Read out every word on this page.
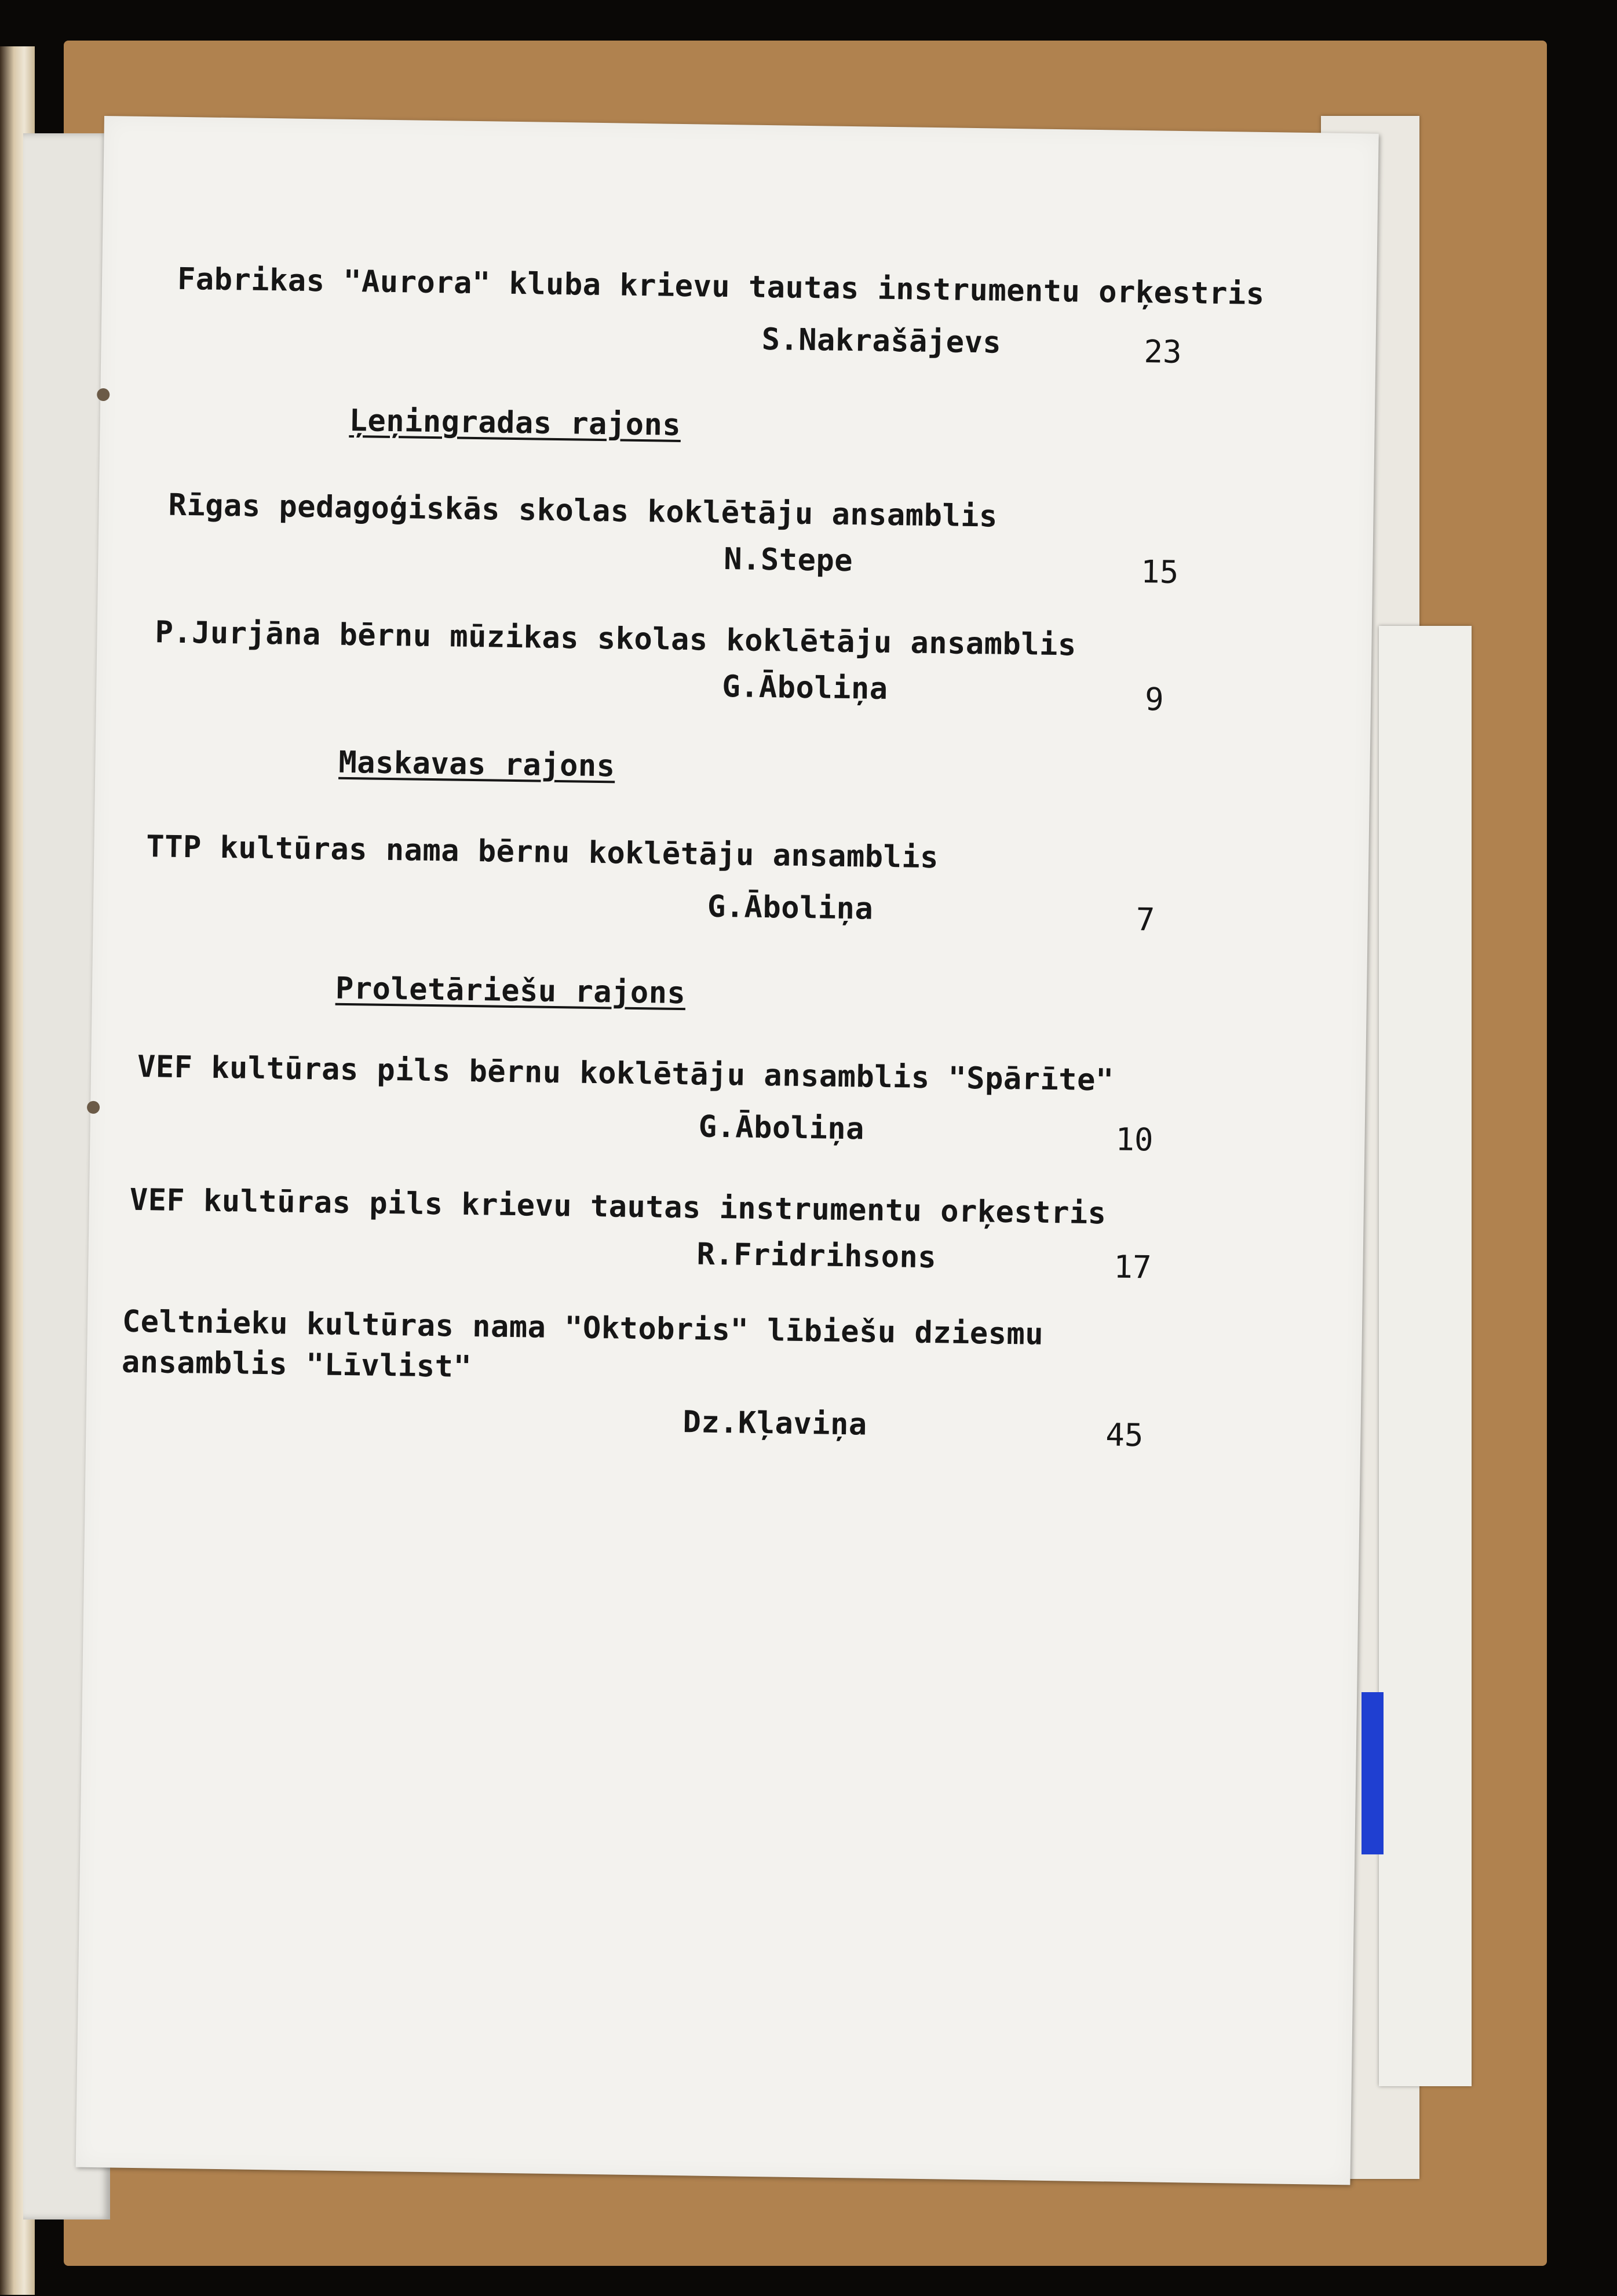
Fabrikas "Aurora" kluba krievu tautas instrumentu orķestris
S.Nakrašājevs	23
Ļeņingradas rajons
Rīgas pedagoģiskās skolas koklētāju ansamblis
N.Stepe	15
P.Jurjāna bērnu mūzikas skolas koklētāju ansamblis
G.Āboliņa	9
Maskavas rajons
TTP kultūras nama bērnu koklētāju ansamblis
G.Āboliņa	7
Proletāriešu rajons
VEF kultūras pils bērnu koklētāju ansamblis "Spārīte"
G.Āboliņa	10
VEF kultūras pils krievu tautas instrumentu orķestris
R.Fridrihsons	17
Celtnieku kultūras nama "Oktobris" lībiešu dziesmu
ansamblis "Līvlist"
Dz.Kļaviņa	45
